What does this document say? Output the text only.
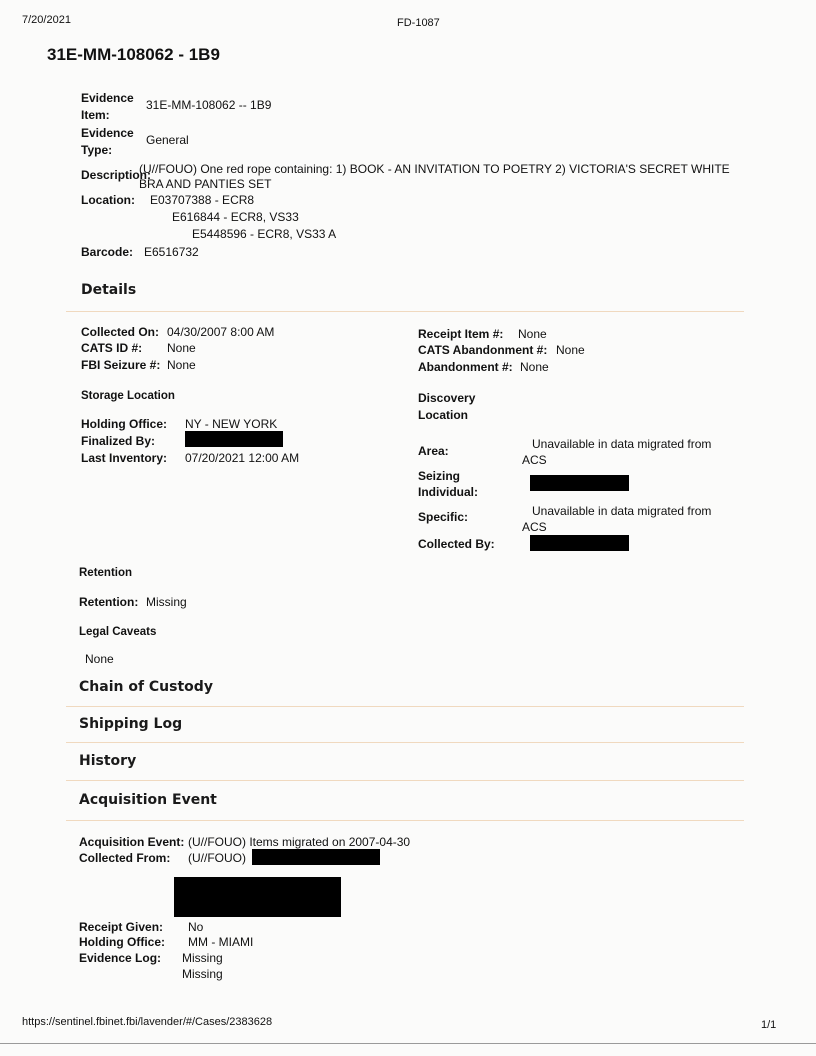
7/20/2021	FD-1087
31E-MM-108062 - 1B9
Evidence
Item:
31E-MM-108062 -- 1B9
Evidence
Type:
General
Description:
(U//FOUO) One red rope containing: 1) BOOK - AN INVITATION TO POETRY 2) VICTORIA'S SECRET WHITE
BRA AND PANTIES SET
Location: E03707388 - ECR8
E616844 - ECR8, VS33
E5448596 - ECR8, VS33 A
Barcode: E6516732
Details
Collected On: 04/30/2007 8:00 AM
CATS ID #: None
FBI Seizure #: None
Receipt Item #: None
CATS Abandonment #: None
Abandonment #: None
Storage Location
Holding Office: NY - NEW YORK
Finalized By:
Last Inventory: 07/20/2021 12:00 AM
Discovery
Location
Area:	Unavailable in data migrated from
ACS
Seizing
Individual:
Specific:	Unavailable in data migrated from
ACS
Collected By:
Retention
Retention: Missing
Legal Caveats
None
Chain of Custody
Shipping Log
History
Acquisition Event
Acquisition Event: (U//FOUO) Items migrated on 2007-04-30
Collected From: (U//FOUO)
Receipt Given: No
Holding Office: MM - MIAMI
Evidence Log: Missing
Missing
https://sentinel.fbinet.fbi/lavender/#/Cases/2383628	1/1
